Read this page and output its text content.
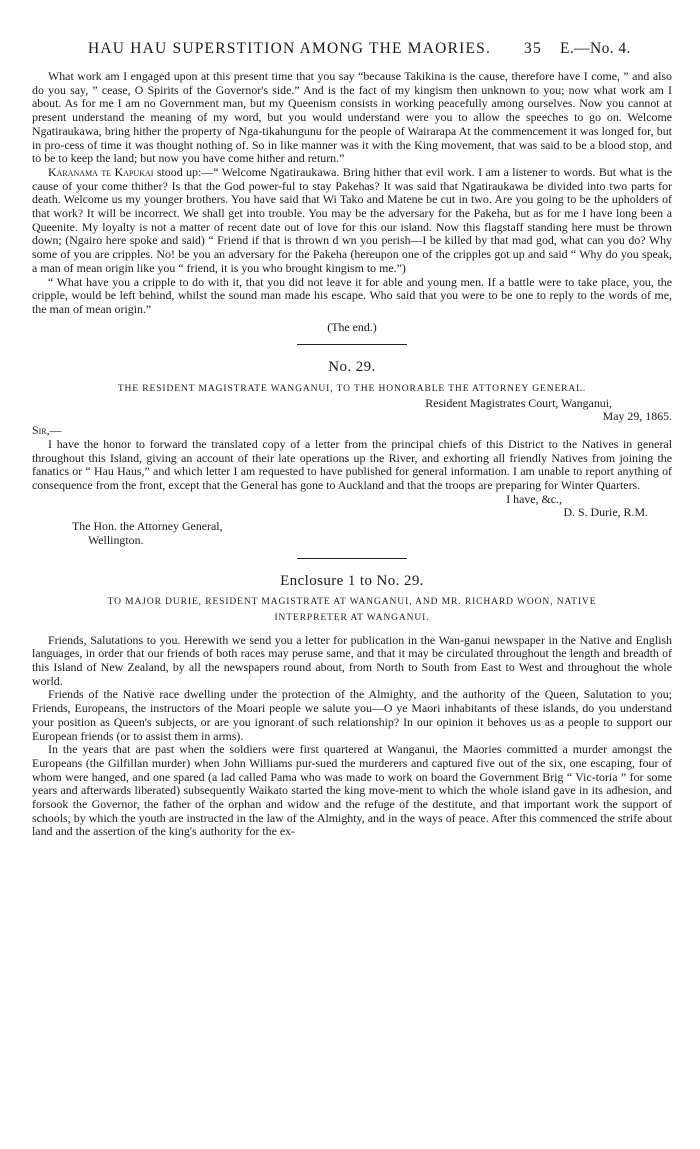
HAU HAU SUPERSTITION AMONG THE MAORIES. 35 E.—No. 4.

What work am I engaged upon at this present time that you say “because Takikina is the cause, therefore have I come, ” and also do you say, ” cease, O Spirits of the Governor's side.” And is the fact of my kingism then unknown to you; now what work am I about. As for me I am no Government man, but my Queenism consists in working peacefully among ourselves. Now you cannot at present understand the meaning of my word, but you would understand were you to allow the speeches to go on. Welcome Ngatiraukawa, bring hither the property of Nga-tikahungunu for the people of Wairarapa At the commencement it was longed for, but in pro-cess of time it was thought nothing of. So in like manner was it with the King movement, that was said to be a blood stop, and to be to keep the land; but now you have come hither and return.”

Karanama te Kapukai stood up:—“ Welcome Ngatiraukawa. Bring hither that evil work. I am a listener to words. But what is the cause of your come thither? Is that the God power-ful to stay Pakehas? It was said that Ngatiraukawa be divided into two parts for death. Welcome us my younger brothers. You have said that Wi Tako and Matene be cut in two. Are you going to be the upholders of that work? It will be incorrect. We shall get into trouble. You may be the adversary for the Pakeha, but as for me I have long been a Queenite. My loyalty is not a matter of recent date out of love for this our island. Now this flagstaff standing here must be thrown down; (Ngairo here spoke and said) “ Friend if that is thrown d wn you perish—I be killed by that mad god, what can you do? Why some of you are cripples. No! be you an adversary for the Pakeha (hereupon one of the cripples got up and said “ Why do you speak, a man of mean origin like you “ friend, it is you who brought kingism to me.”)

“ What have you a cripple to do with it, that you did not leave it for able and young men. If a battle were to take place, you, the cripple, would be left behind, whilst the sound man made his escape. Who said that you were to be one to reply to the words of me, the man of mean origin.”

(The end.)

No. 29.

THE RESIDENT MAGISTRATE WANGANUI, TO THE HONORABLE THE ATTORNEY GENERAL.

Resident Magistrates Court, Wanganui,

May 29, 1865.

Sir,—

I have the honor to forward the translated copy of a letter from the principal chiefs of this District to the Natives in general throughout this Island, giving an account of their late operations up the River, and exhorting all friendly Natives from joining the fanatics or “ Hau Haus,” and which letter I am requested to have published for general information. I am unable to report anything of consequence from the front, except that the General has gone to Auckland and that the troops are preparing for Winter Quarters.

I have, &c.,

D. S. Durie, R.M.

The Hon. the Attorney General,

Wellington.

Enclosure 1 to No. 29.

TO MAJOR DURIE, RESIDENT MAGISTRATE AT WANGANUI, AND MR. RICHARD WOON, NATIVE

INTERPRETER AT WANGANUI.

Friends, Salutations to you. Herewith we send you a letter for publication in the Wan-ganui newspaper in the Native and English languages, in order that our friends of both races may peruse same, and that it may be circulated throughout the length and breadth of this Island of New Zealand, by all the newspapers round about, from North to South from East to West and throughout the whole world.

Friends of the Native race dwelling under the protection of the Almighty, and the authority of the Queen, Salutation to you; Friends, Europeans, the instructors of the Moari people we salute you—O ye Maori inhabitants of these islands, do you understand your position as Queen's subjects, or are you ignorant of such relationship? In our opinion it behoves us as a people to support our European friends (or to assist them in arms).

In the years that are past when the soldiers were first quartered at Wanganui, the Maories committed a murder amongst the Europeans (the Gilfillan murder) when John Williams pur-sued the murderers and captured five out of the six, one escaping, four of whom were hanged, and one spared (a lad called Pama who was made to work on board the Government Brig “ Vic-toria ” for some years and afterwards liberated) subsequently Waikato started the king move-ment to which the whole island gave in its adhesion, and forsook the Governor, the father of the orphan and widow and the refuge of the destitute, and that important work the support of schools, by which the youth are instructed in the law of the Almighty, and in the ways of peace. After this commenced the strife about land and the assertion of the king's authority for the ex-
